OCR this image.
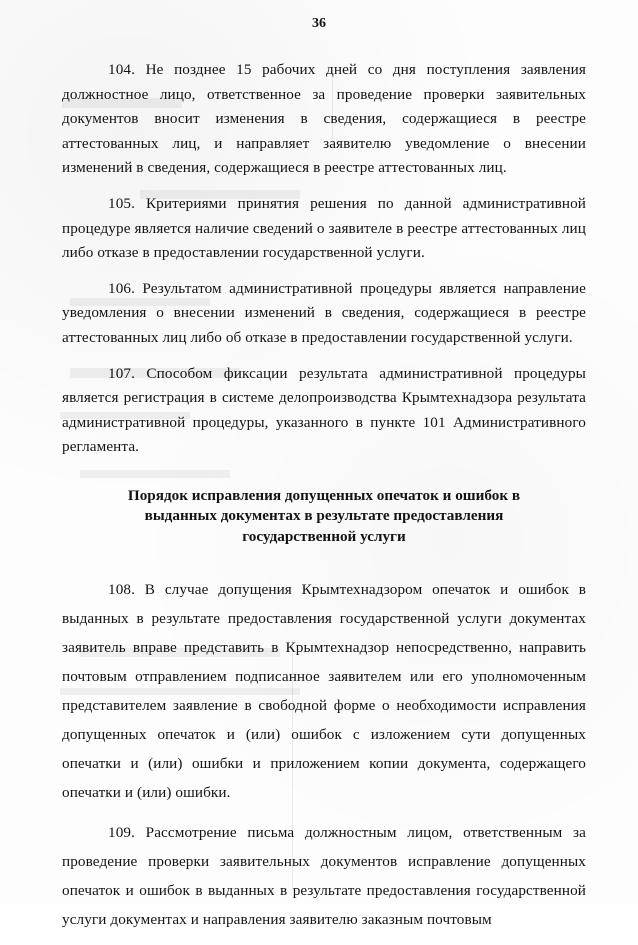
36

104. Не позднее 15 рабочих дней со дня поступления заявления должностное лицо, ответственное за проведение проверки заявительных документов вносит изменения в сведения, содержащиеся в реестре аттестованных лиц, и направляет заявителю уведомление о внесении изменений в сведения, содержащиеся в реестре аттестованных лиц.

105. Критериями принятия решения по данной административной процедуре является наличие сведений о заявителе в реестре аттестованных лиц либо отказе в предоставлении государственной услуги.

106. Результатом административной процедуры является направление уведомления о внесении изменений в сведения, содержащиеся в реестре аттестованных лиц либо об отказе в предоставлении государственной услуги.

107. Способом фиксации результата административной процедуры является регистрация в системе делопроизводства Крымтехнадзора результата административной процедуры, указанного в пункте 101 Административного регламента.

Порядок исправления допущенных опечаток и ошибок в
выданных документах в результате предоставления
государственной услуги

108. В случае допущения Крымтехнадзором опечаток и ошибок в выданных в результате предоставления государственной услуги документах заявитель вправе представить в Крымтехнадзор непосредственно, направить почтовым отправлением подписанное заявителем или его уполномоченным представителем заявление в свободной форме о необходимости исправления допущенных опечаток и (или) ошибок с изложением сути допущенных опечатки и (или) ошибки и приложением копии документа, содержащего опечатки и (или) ошибки.

109. Рассмотрение письма должностным лицом, ответственным за проведение проверки заявительных документов исправление допущенных опечаток и ошибок в выданных в результате предоставления государственной услуги документах и направления заявителю заказным почтовым
